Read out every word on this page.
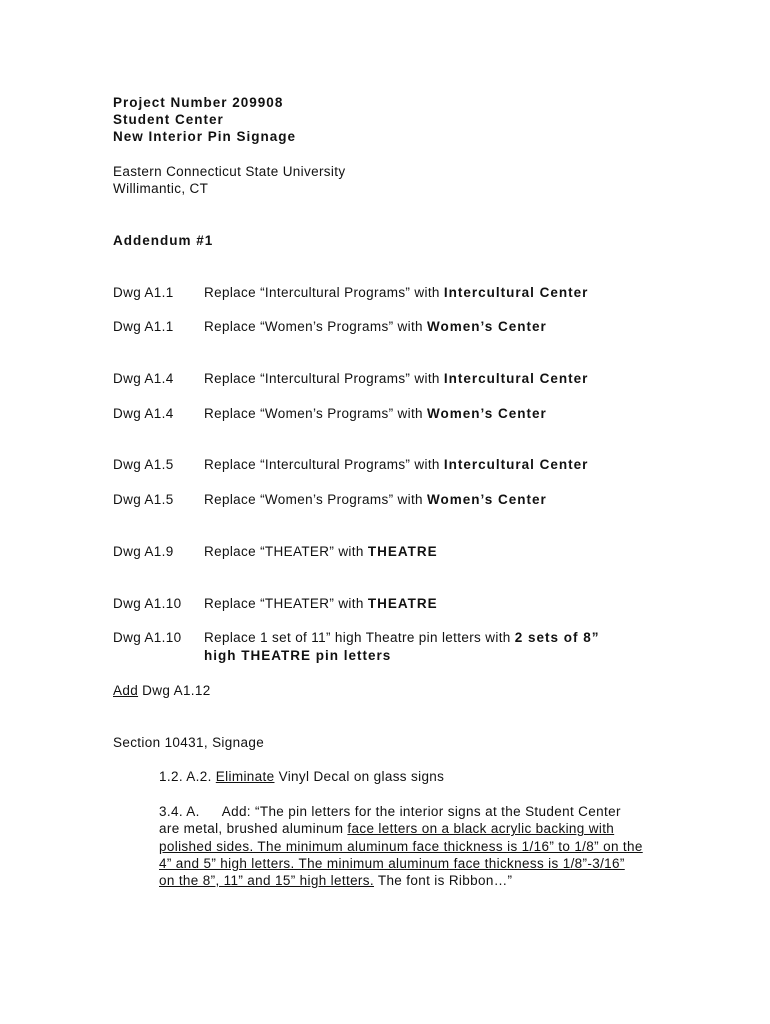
Project Number 209908
Student Center
New Interior Pin Signage
Eastern Connecticut State University
Willimantic, CT
Addendum #1
Dwg A1.1 Replace “Intercultural Programs” with Intercultural Center
Dwg A1.1 Replace “Women’s Programs” with Women’s Center
Dwg A1.4 Replace “Intercultural Programs” with Intercultural Center
Dwg A1.4 Replace “Women’s Programs” with Women’s Center
Dwg A1.5 Replace “Intercultural Programs” with Intercultural Center
Dwg A1.5 Replace “Women’s Programs” with Women’s Center
Dwg A1.9 Replace “THEATER” with THEATRE
Dwg A1.10 Replace “THEATER” with THEATRE
Dwg A1.10 Replace 1 set of 11” high Theatre pin letters with 2 sets of 8”
high THEATRE pin letters
Add Dwg A1.12
Section 10431, Signage
1.2. A.2. Eliminate Vinyl Decal on glass signs
3.4. A. Add: “The pin letters for the interior signs at the Student Center are metal, brushed aluminum face letters on a black acrylic backing with polished sides. The minimum aluminum face thickness is 1/16” to 1/8” on the 4” and 5” high letters. The minimum aluminum face thickness is 1/8”-3/16” on the 8”, 11” and 15” high letters. The font is Ribbon…”
